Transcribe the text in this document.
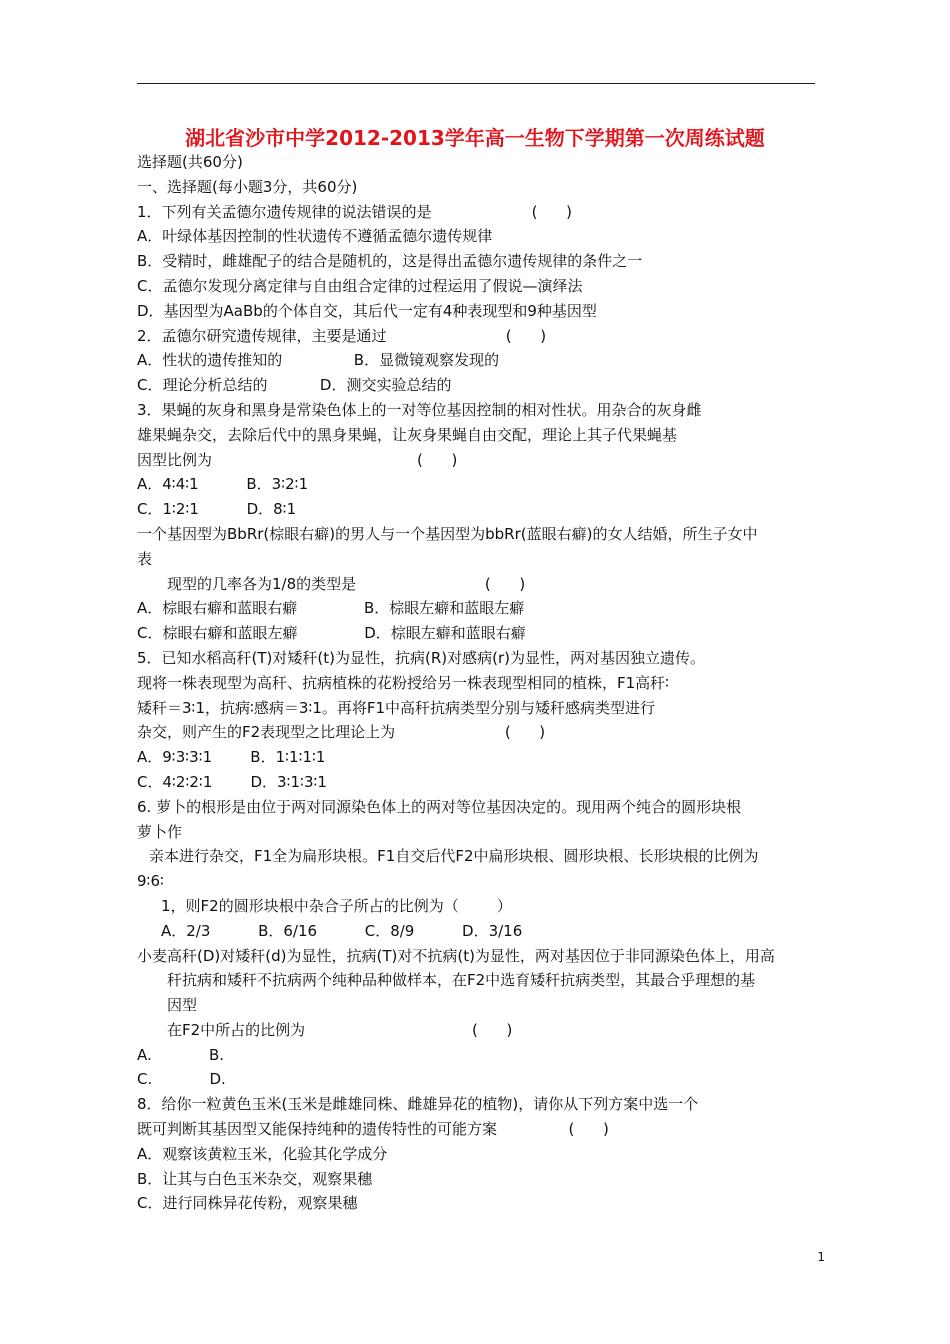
湖北省沙市中学2012-2013学年高一生物下学期第一次周练试题
选择题(共60分)
一、选择题(每小题3分，共60分)
1．下列有关孟德尔遗传规律的说法错误的是                     (      )
A．叶绿体基因控制的性状遗传不遵循孟德尔遗传规律
B．受精时，雌雄配子的结合是随机的，这是得出孟德尔遗传规律的条件之一
C．孟德尔发现分离定律与自由组合定律的过程运用了假说—演绎法
D．基因型为AaBb的个体自交，其后代一定有4种表现型和9种基因型
2．孟德尔研究遗传规律，主要是通过                         (      )
A．性状的遗传推知的               B．显微镜观察发现的
C．理论分析总结的           D．测交实验总结的
3．果蝇的灰身和黑身是常染色体上的一对等位基因控制的相对性状。用杂合的灰身雌
雄果蝇杂交，去除后代中的黑身果蝇，让灰身果蝇自由交配，理论上其子代果蝇基
因型比例为                                           (      )
A．4∶4∶1          B．3∶2∶1
C．1∶2∶1          D．8∶1
一个基因型为BbRr(棕眼右癖)的男人与一个基因型为bbRr(蓝眼右癖)的女人结婚，所生子女中
表
现型的几率各为1/8的类型是                           (      )
A．棕眼右癖和蓝眼右癖              B．棕眼左癖和蓝眼左癖
C．棕眼右癖和蓝眼左癖              D．棕眼左癖和蓝眼右癖
5．已知水稻高秆(T)对矮秆(t)为显性，抗病(R)对感病(r)为显性，两对基因独立遗传。
现将一株表现型为高秆、抗病植株的花粉授给另一株表现型相同的植株，F1高秆∶
矮秆＝3∶1，抗病∶感病＝3∶1。再将F1中高秆抗病类型分别与矮秆感病类型进行
杂交，则产生的F2表现型之比理论上为                       (      )
A．9∶3∶3∶1        B．1∶1∶1∶1
C．4∶2∶2∶1        D．3∶1∶3∶1
6. 萝卜的根形是由位于两对同源染色体上的两对等位基因决定的。现用两个纯合的圆形块根
萝卜作
亲本进行杂交，F1全为扁形块根。F1自交后代F2中扁形块根、圆形块根、长形块根的比例为
9∶6∶
1，则F2的圆形块根中杂合子所占的比例为（        ）
A．2/3          B．6/16          C．8/9          D．3/16
小麦高秆(D)对矮秆(d)为显性，抗病(T)对不抗病(t)为显性，两对基因位于非同源染色体上，用高
秆抗病和矮秆不抗病两个纯种品种做样本，在F2中选育矮秆抗病类型，其最合乎理想的基
因型
在F2中所占的比例为                                   (      )
A.            B.
C.            D.
8．给你一粒黄色玉米(玉米是雌雄同株、雌雄异花的植物)，请你从下列方案中选一个
既可判断其基因型又能保持纯种的遗传特性的可能方案               (      )
A．观察该黄粒玉米，化验其化学成分
B．让其与白色玉米杂交，观察果穗
C．进行同株异花传粉，观察果穗
1
